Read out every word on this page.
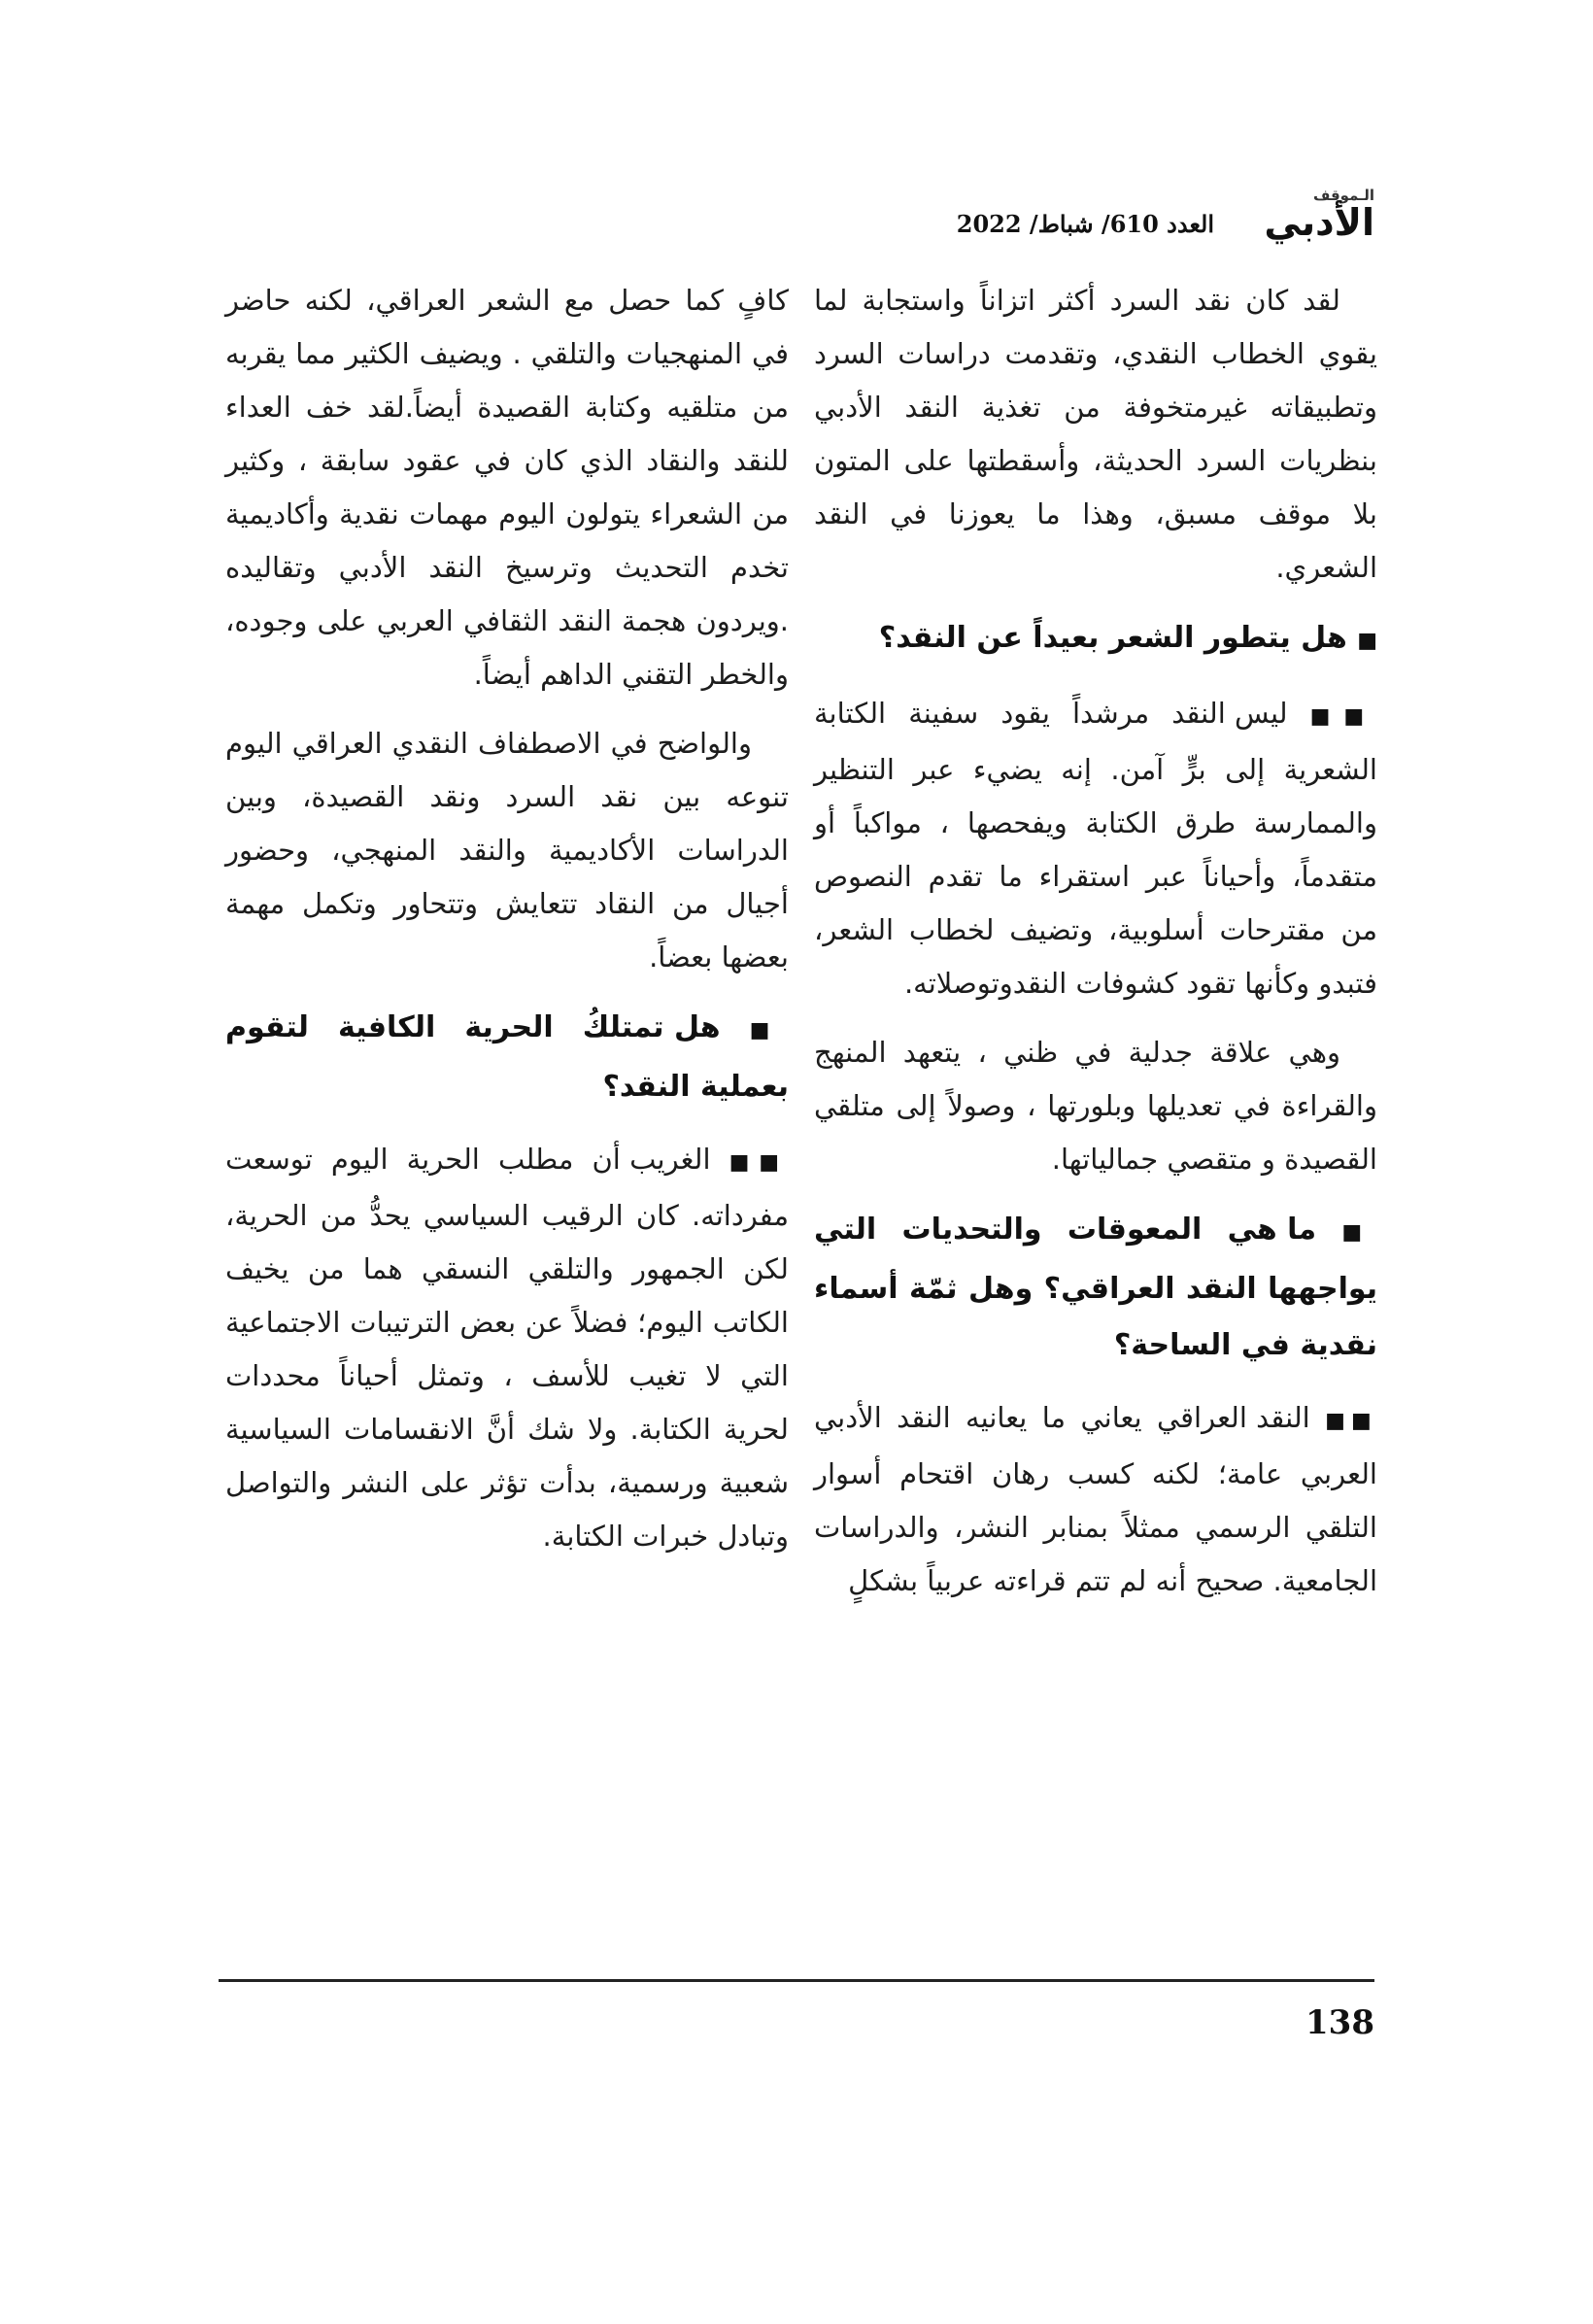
الـموقف
الأدبي
العدد 610/ شباط/ 2022

لقد كان نقد السرد أكثر اتزاناً واستجابة لما يقوي الخطاب النقدي، وتقدمت دراسات السرد وتطبيقاته غيرمتخوفة من تغذية النقد الأدبي بنظريات السرد الحديثة، وأسقطتها على المتون بلا موقف مسبق، وهذا ما يعوزنا في النقد الشعري.

■ هل يتطور الشعر بعيداً عن النقد؟

■■ ليس النقد مرشداً يقود سفينة الكتابة الشعرية إلى برٍّ آمن. إنه يضيء عبر التنظير والممارسة طرق الكتابة ويفحصها ، مواكباً أو متقدماً، وأحياناً عبر استقراء ما تقدم النصوص من مقترحات أسلوبية، وتضيف لخطاب الشعر، فتبدو وكأنها تقود كشوفات النقدوتوصلاته.

وهي علاقة جدلية في ظني ، يتعهد المنهج والقراءة في تعديلها وبلورتها ، وصولاً إلى متلقي القصيدة و متقصي جمالياتها.

■ ما هي المعوقات والتحديات التي يواجهها النقد العراقي؟ وهل ثمّة أسماء نقدية في الساحة؟

■■ النقد العراقي يعاني ما يعانيه النقد الأدبي العربي عامة؛ لكنه كسب رهان اقتحام أسوار التلقي الرسمي ممثلاً بمنابر النشر، والدراسات الجامعية. صحيح أنه لم تتم قراءته عربياً بشكلٍ

كافٍ كما حصل مع الشعر العراقي، لكنه حاضر في المنهجيات والتلقي . ويضيف الكثير مما يقربه من متلقيه وكتابة القصيدة أيضاً.لقد خف العداء للنقد والنقاد الذي كان في عقود سابقة ، وكثير من الشعراء يتولون اليوم مهمات نقدية وأكاديمية تخدم التحديث وترسيخ النقد الأدبي وتقاليده .ويردون هجمة النقد الثقافي العربي على وجوده، والخطر التقني الداهم أيضاً.

والواضح في الاصطفاف النقدي العراقي اليوم تنوعه بين نقد السرد ونقد القصيدة، وبين الدراسات الأكاديمية والنقد المنهجي، وحضور أجيال من النقاد تتعايش وتتحاور وتكمل مهمة بعضها بعضاً.

■ هل تمتلكُ الحرية الكافية لتقوم بعملية النقد؟

■■ الغريب أن مطلب الحرية اليوم توسعت مفرداته. كان الرقيب السياسي يحدُّ من الحرية، لكن الجمهور والتلقي النسقي هما من يخيف الكاتب اليوم؛ فضلاً عن بعض الترتيبات الاجتماعية التي لا تغيب للأسف ، وتمثل أحياناً محددات لحرية الكتابة. ولا شك أنَّ الانقسامات السياسية شعبية ورسمية، بدأت تؤثر على النشر والتواصل وتبادل خبرات الكتابة.

138
